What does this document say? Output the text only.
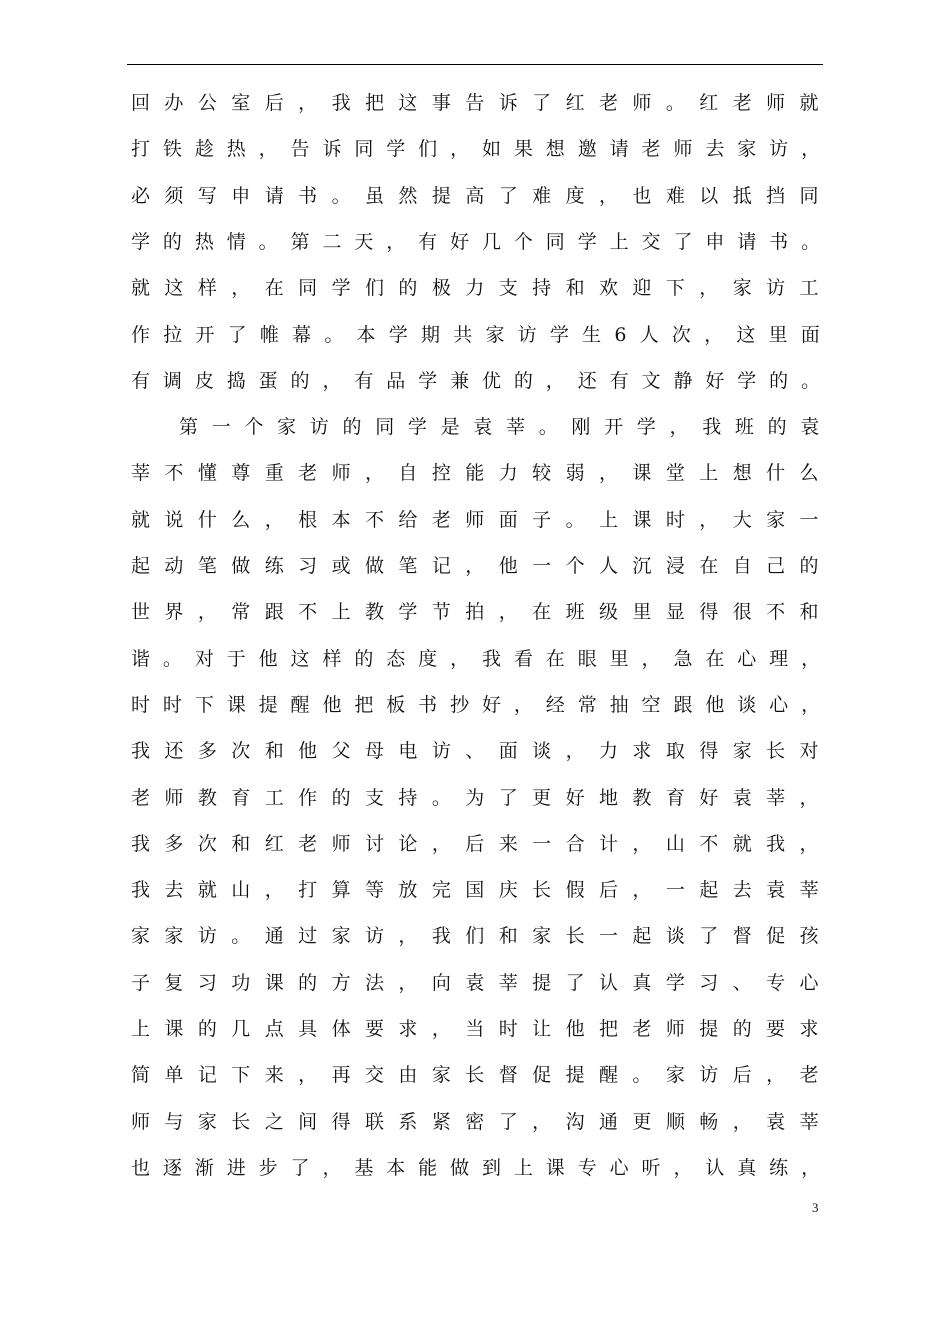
回办公室后，我把这事告诉了红老师。红老师就
打铁趁热，告诉同学们，如果想邀请老师去家访，
必须写申请书。虽然提高了难度，也难以抵挡同
学的热情。第二天，有好几个同学上交了申请书。
就这样，在同学们的极力支持和欢迎下，家访工
作拉开了帷幕。本学期共家访学生6人次，这里面
有调皮捣蛋的，有品学兼优的，还有文静好学的。
第一个家访的同学是袁莘。刚开学，我班的袁
莘不懂尊重老师，自控能力较弱，课堂上想什么
就说什么，根本不给老师面子。上课时，大家一
起动笔做练习或做笔记，他一个人沉浸在自己的
世界，常跟不上教学节拍，在班级里显得很不和
谐。对于他这样的态度，我看在眼里，急在心理，
时时下课提醒他把板书抄好，经常抽空跟他谈心，
我还多次和他父母电访、面谈，力求取得家长对
老师教育工作的支持。为了更好地教育好袁莘，
我多次和红老师讨论，后来一合计，山不就我，
我去就山，打算等放完国庆长假后，一起去袁莘
家家访。通过家访，我们和家长一起谈了督促孩
子复习功课的方法，向袁莘提了认真学习、专心
上课的几点具体要求，当时让他把老师提的要求
简单记下来，再交由家长督促提醒。家访后，老
师与家长之间得联系紧密了，沟通更顺畅，袁莘
也逐渐进步了，基本能做到上课专心听，认真练，
3
